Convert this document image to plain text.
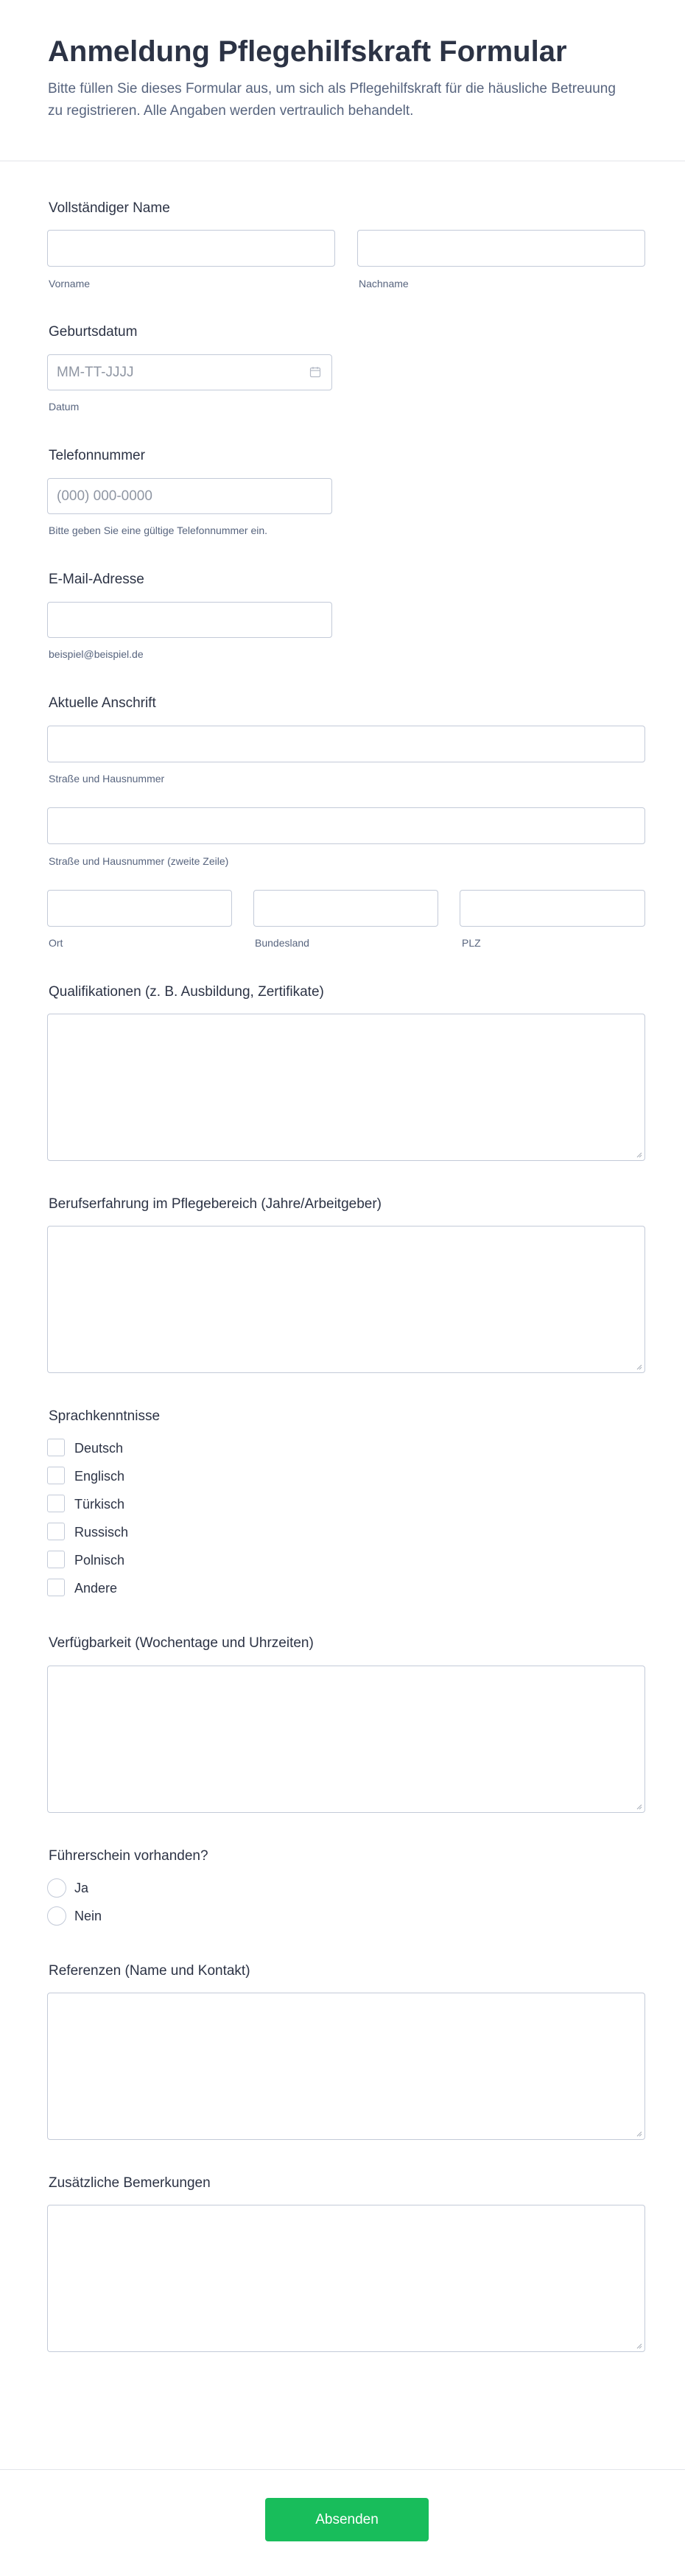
Anmeldung Pflegehilfskraft Formular

Bitte füllen Sie dieses Formular aus, um sich als Pflegehilfskraft für die häusliche Betreuung zu registrieren. Alle Angaben werden vertraulich behandelt.

Vollständiger Name
Vorname	Nachname
Geburtsdatum
MM-TT-JJJJ
Datum
Telefonnummer
(000) 000-0000
Bitte geben Sie eine gültige Telefonnummer ein.
E-Mail-Adresse
beispiel@beispiel.de
Aktuelle Anschrift
Straße und Hausnummer
Straße und Hausnummer (zweite Zeile)
Ort	Bundesland	PLZ
Qualifikationen (z. B. Ausbildung, Zertifikate)
Berufserfahrung im Pflegebereich (Jahre/Arbeitgeber)
Sprachkenntnisse
Deutsch
Englisch
Türkisch
Russisch
Polnisch
Andere
Verfügbarkeit (Wochentage und Uhrzeiten)
Führerschein vorhanden?
Ja
Nein
Referenzen (Name und Kontakt)
Zusätzliche Bemerkungen
Absenden
